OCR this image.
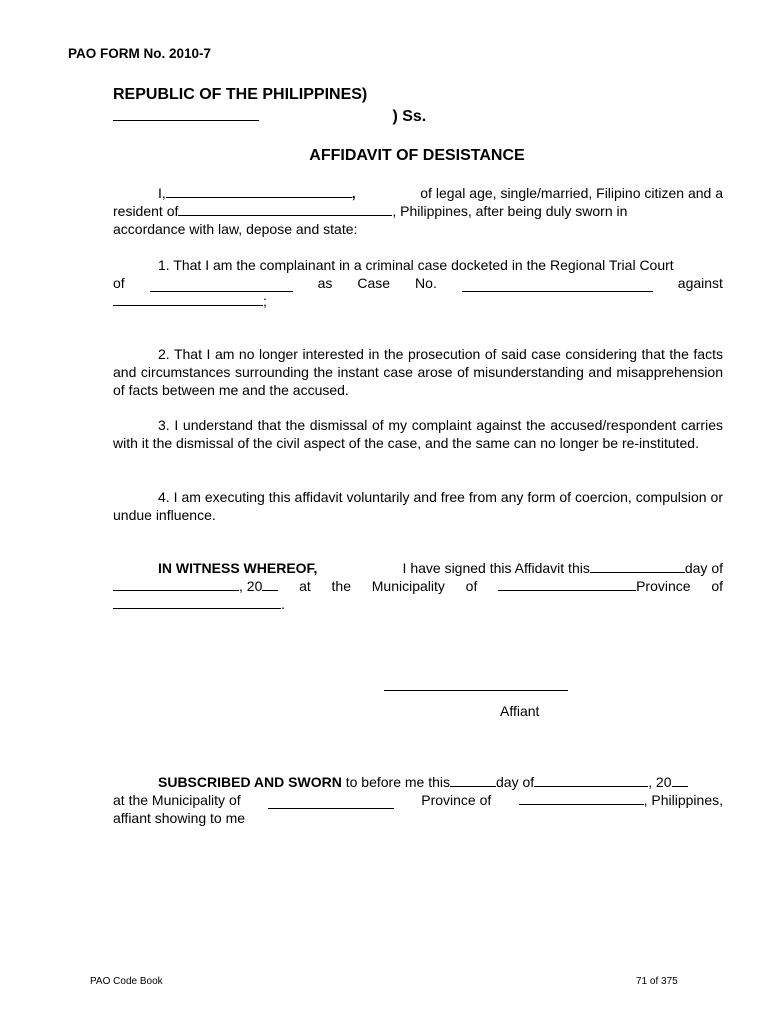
PAO FORM No. 2010-7
REPUBLIC OF THE PHILIPPINES)
) Ss.
AFFIDAVIT OF DESISTANCE
I,	,	of legal age, single/married, Filipino citizen and a
resident of	, Philippines, after being duly sworn in
accordance with law, depose and state:
1. That I am the complainant in a criminal case docketed in the Regional Trial Court
of	as Case No.	against
;
2. That I am no longer interested in the prosecution of said case considering that the facts and circumstances surrounding the instant case arose of misunderstanding and misapprehension of facts between me and the accused.
3. I understand that the dismissal of my complaint against the accused/respondent carries with it the dismissal of the civil aspect of the case, and the same can no longer be re-instituted.
4. I am executing this affidavit voluntarily and free from any form of coercion, compulsion or undue influence.
IN WITNESS WHEREOF,	I have signed this Affidavit this	day of
, 20	at the Municipality of	Province of
.
Affiant
SUBSCRIBED AND SWORN to before me this	day of	, 20
at the Municipality of	Province of	, Philippines,
affiant showing to me
PAO Code Book	71 of 375
